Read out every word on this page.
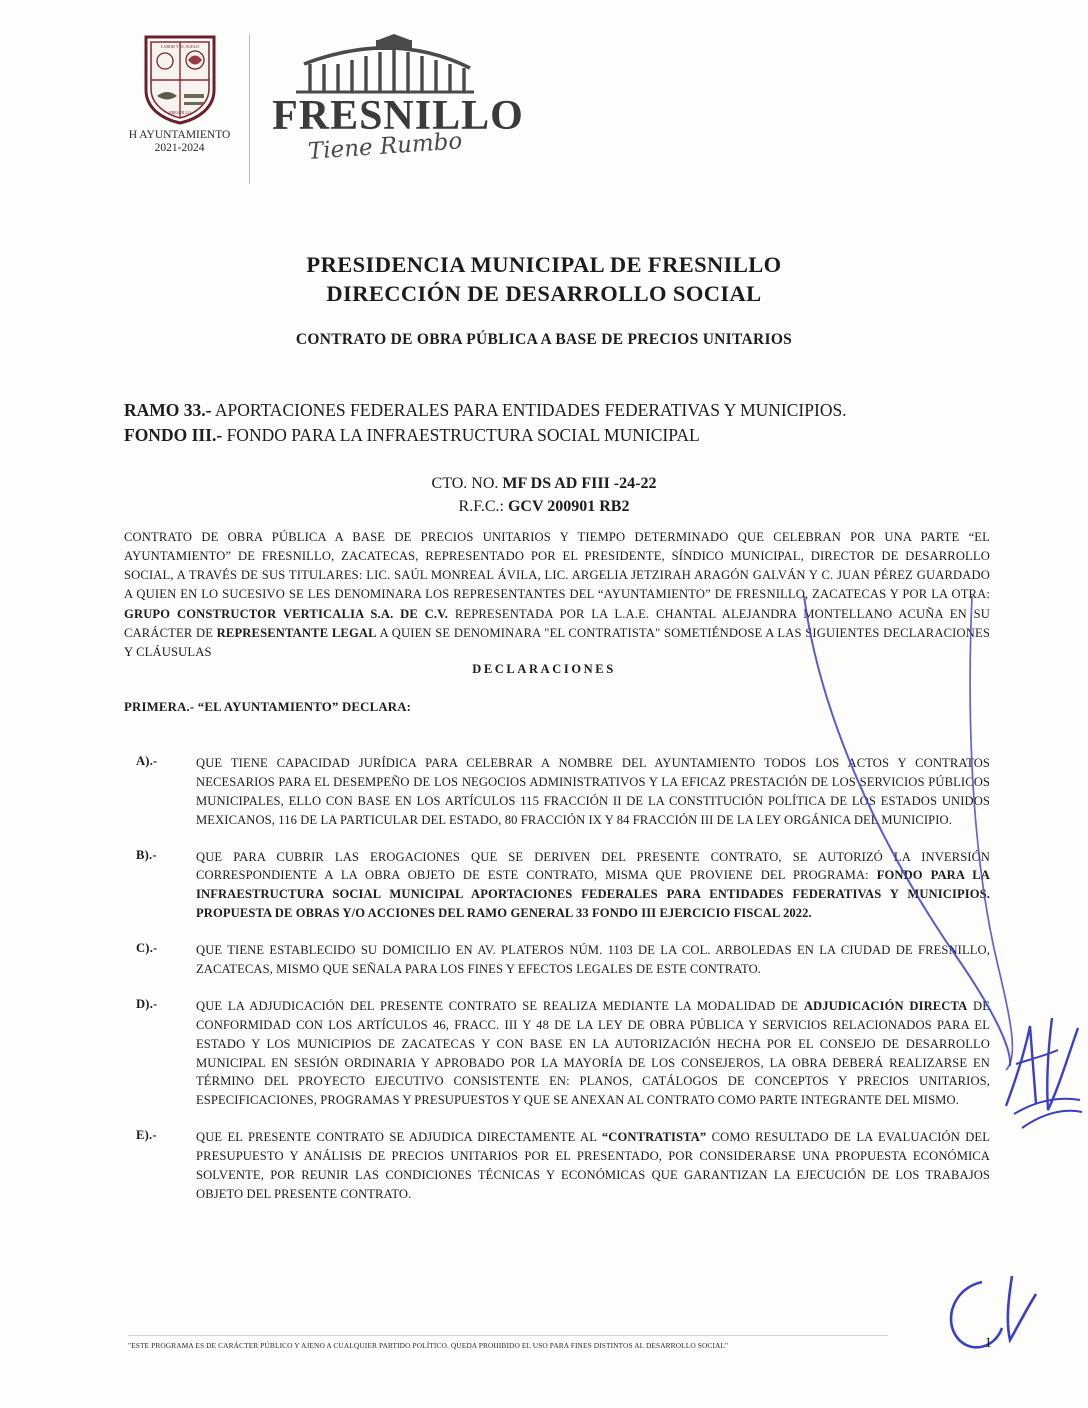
LABOR Y EL SUELO
FRESNILLO
H AYUNTAMIENTO
2021-2024
FRESNILLO
Tiene Rumbo
PRESIDENCIA MUNICIPAL DE FRESNILLO
DIRECCIÓN DE DESARROLLO SOCIAL
CONTRATO DE OBRA PÚBLICA A BASE DE PRECIOS UNITARIOS
RAMO 33.- APORTACIONES FEDERALES PARA ENTIDADES FEDERATIVAS Y MUNICIPIOS.
FONDO III.- FONDO PARA LA INFRAESTRUCTURA SOCIAL MUNICIPAL
CTO. NO. MF DS AD FIII -24-22
R.F.C.: GCV 200901 RB2
CONTRATO DE OBRA PÚBLICA A BASE DE PRECIOS UNITARIOS Y TIEMPO DETERMINADO QUE CELEBRAN POR UNA PARTE “EL AYUNTAMIENTO” DE FRESNILLO, ZACATECAS, REPRESENTADO POR EL PRESIDENTE, SÍNDICO MUNICIPAL, DIRECTOR DE DESARROLLO SOCIAL, A TRAVÉS DE SUS TITULARES: LIC. SAÚL MONREAL ÁVILA, LIC. ARGELIA JETZIRAH ARAGÓN GALVÁN Y C. JUAN PÉREZ GUARDADO A QUIEN EN LO SUCESIVO SE LES DENOMINARA LOS REPRESENTANTES DEL “AYUNTAMIENTO” DE FRESNILLO, ZACATECAS Y POR LA OTRA: GRUPO CONSTRUCTOR VERTICALIA S.A. DE C.V. REPRESENTADA POR LA L.A.E. CHANTAL ALEJANDRA MONTELLANO ACUÑA EN SU CARÁCTER DE REPRESENTANTE LEGAL A QUIEN SE DENOMINARA "EL CONTRATISTA" SOMETIÉNDOSE A LAS SIGUIENTES DECLARACIONES Y CLÁUSULAS
DECLARACIONES
PRIMERA.- “EL AYUNTAMIENTO” DECLARA:
A).-	QUE TIENE CAPACIDAD JURÍDICA PARA CELEBRAR A NOMBRE DEL AYUNTAMIENTO TODOS LOS ACTOS Y CONTRATOS NECESARIOS PARA EL DESEMPEÑO DE LOS NEGOCIOS ADMINISTRATIVOS Y LA EFICAZ PRESTACIÓN DE LOS SERVICIOS PÚBLICOS MUNICIPALES, ELLO CON BASE EN LOS ARTÍCULOS 115 FRACCIÓN II DE LA CONSTITUCIÓN POLÍTICA DE LOS ESTADOS UNIDOS MEXICANOS, 116 DE LA PARTICULAR DEL ESTADO, 80 FRACCIÓN IX Y 84 FRACCIÓN III DE LA LEY ORGÁNICA DEL MUNICIPIO.
B).-	QUE PARA CUBRIR LAS EROGACIONES QUE SE DERIVEN DEL PRESENTE CONTRATO, SE AUTORIZÓ LA INVERSIÓN CORRESPONDIENTE A LA OBRA OBJETO DE ESTE CONTRATO, MISMA QUE PROVIENE DEL PROGRAMA: FONDO PARA LA INFRAESTRUCTURA SOCIAL MUNICIPAL APORTACIONES FEDERALES PARA ENTIDADES FEDERATIVAS Y MUNICIPIOS. PROPUESTA DE OBRAS Y/O ACCIONES DEL RAMO GENERAL 33 FONDO III EJERCICIO FISCAL 2022.
C).-	QUE TIENE ESTABLECIDO SU DOMICILIO EN AV. PLATEROS NÚM. 1103 DE LA COL. ARBOLEDAS EN LA CIUDAD DE FRESNILLO, ZACATECAS, MISMO QUE SEÑALA PARA LOS FINES Y EFECTOS LEGALES DE ESTE CONTRATO.
D).-	QUE LA ADJUDICACIÓN DEL PRESENTE CONTRATO SE REALIZA MEDIANTE LA MODALIDAD DE ADJUDICACIÓN DIRECTA DE CONFORMIDAD CON LOS ARTÍCULOS 46, FRACC. III Y 48 DE LA LEY DE OBRA PÚBLICA Y SERVICIOS RELACIONADOS PARA EL ESTADO Y LOS MUNICIPIOS DE ZACATECAS Y CON BASE EN LA AUTORIZACIÓN HECHA POR EL CONSEJO DE DESARROLLO MUNICIPAL EN SESIÓN ORDINARIA Y APROBADO POR LA MAYORÍA DE LOS CONSEJEROS, LA OBRA DEBERÁ REALIZARSE EN TÉRMINO DEL PROYECTO EJECUTIVO CONSISTENTE EN: PLANOS, CATÁLOGOS DE CONCEPTOS Y PRECIOS UNITARIOS, ESPECIFICACIONES, PROGRAMAS Y PRESUPUESTOS Y QUE SE ANEXAN AL CONTRATO COMO PARTE INTEGRANTE DEL MISMO.
E).-	QUE EL PRESENTE CONTRATO SE ADJUDICA DIRECTAMENTE AL “CONTRATISTA” COMO RESULTADO DE LA EVALUACIÓN DEL PRESUPUESTO Y ANÁLISIS DE PRECIOS UNITARIOS POR EL PRESENTADO, POR CONSIDERARSE UNA PROPUESTA ECONÓMICA SOLVENTE, POR REUNIR LAS CONDICIONES TÉCNICAS Y ECONÓMICAS QUE GARANTIZAN LA EJECUCIÓN DE LOS TRABAJOS OBJETO DEL PRESENTE CONTRATO.
"ESTE PROGRAMA ES DE CARÁCTER PÚBLICO Y AJENO A CUALQUIER PARTIDO POLÍTICO. QUEDA PROHIBIDO EL USO PARA FINES DISTINTOS AL DESARROLLO SOCIAL"	1
